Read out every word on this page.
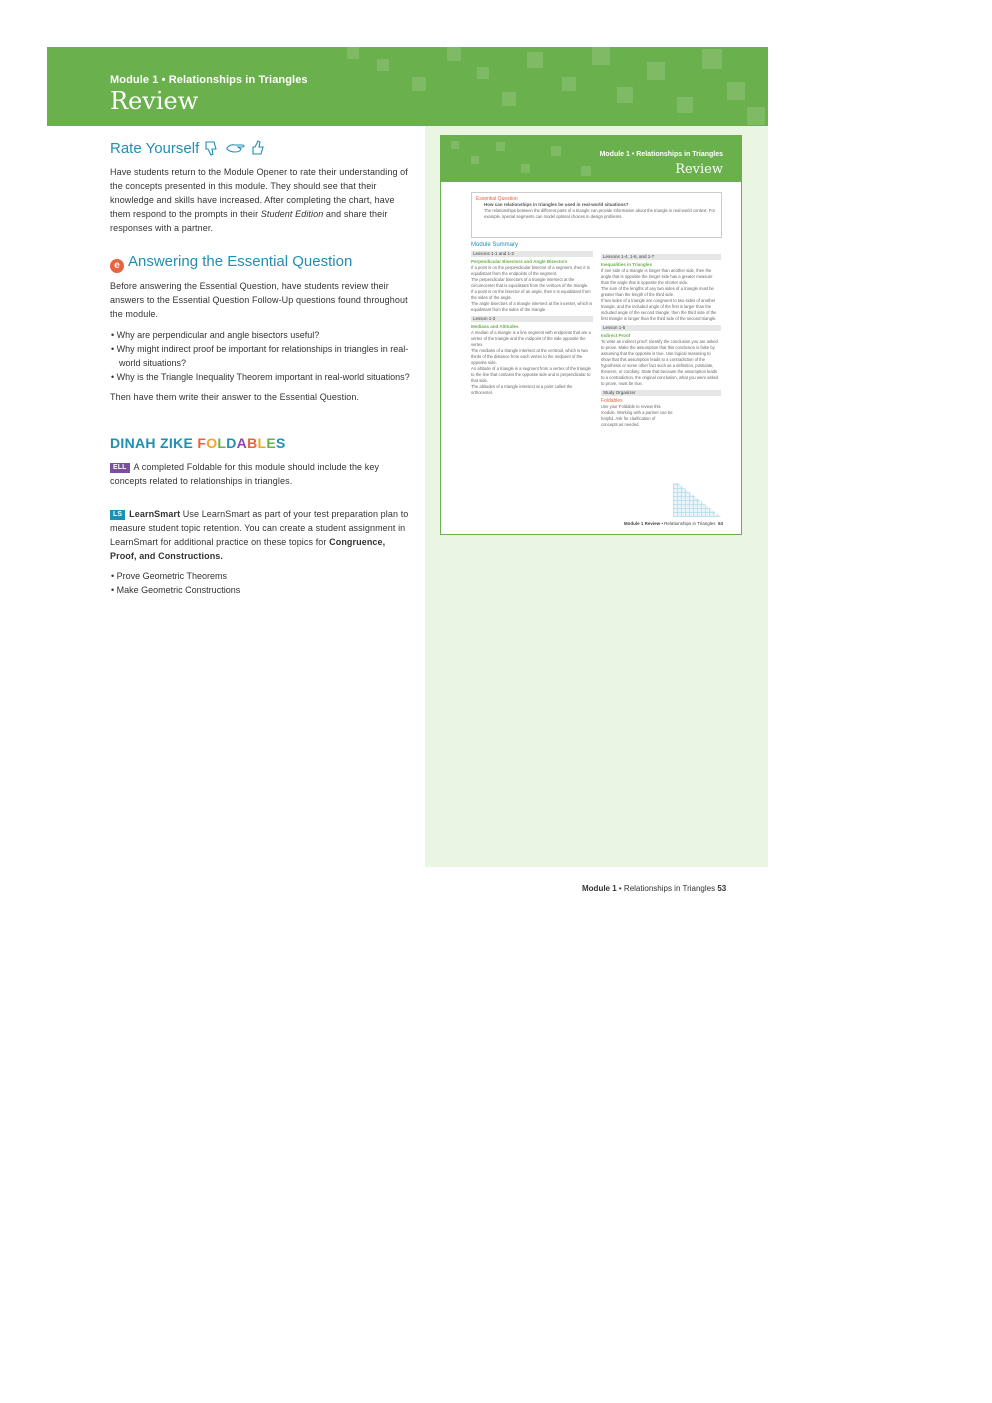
Module 1 • Relationships in Triangles
Review
Rate Yourself

Have students return to the Module Opener to rate their understanding of the concepts presented in this module. They should see that their knowledge and skills have increased. After completing the chart, have them respond to the prompts in their Student Edition and share their responses with a partner.

e Answering the Essential Question

Before answering the Essential Question, have students review their answers to the Essential Question Follow-Up questions found throughout the module.

• Why are perpendicular and angle bisectors useful?

• Why might indirect proof be important for relationships in triangles in real-world situations?

• Why is the Triangle Inequality Theorem important in real-world situations?

Then have them write their answer to the Essential Question.

DINAH ZIKE FOLDABLES

ELL A completed Foldable for this module should include the key concepts related to relationships in triangles.

LS LearnSmart Use LearnSmart as part of your test preparation plan to measure student topic retention. You can create a student assignment in LearnSmart for additional practice on these topics for Congruence, Proof, and Constructions.

• Prove Geometric Theorems

• Make Geometric Constructions

Module 1 • Relationships in Triangles
Review
Essential Question
How can relationships in triangles be used in real-world situations?
The relationships between the different parts of a triangle can provide information about the triangle in real-world context. For example, special segments can model optimal choices in design problems.
Module Summary
Lessons 1-1 and 1-2
Perpendicular Bisectors and Angle Bisectors
If a point is on the perpendicular bisector of a segment, then it is equidistant from the endpoints of the segment.
The perpendicular bisectors of a triangle intersect at the circumcenter that is equidistant from the vertices of the triangle.
If a point is on the bisector of an angle, then it is equidistant from the sides of the angle.
The angle bisectors of a triangle intersect at the incenter, which is equidistant from the sides of the triangle.
Lesson 1-3
Medians and Altitudes
A median of a triangle is a line segment with endpoints that are a vertex of the triangle and the midpoint of the side opposite the vertex.
The medians of a triangle intersect at the centroid, which is two thirds of the distance from each vertex to the midpoint of the opposite side.
An altitude of a triangle is a segment from a vertex of the triangle to the line that contains the opposite side and is perpendicular to that side.
The altitudes of a triangle intersect at a point called the orthocenter.
Lessons 1-4, 1-6, and 1-7
Inequalities in Triangles
If one side of a triangle is longer than another side, then the angle that is opposite the longer side has a greater measure than the angle that is opposite the shorter side.
The sum of the lengths of any two sides of a triangle must be greater than the length of the third side.
If two sides of a triangle are congruent to two sides of another triangle, and the included angle of the first is larger than the included angle of the second triangle, then the third side of the first triangle is longer than the third side of the second triangle.
Lesson 1-5
Indirect Proof
To write an indirect proof: Identify the conclusion you are asked to prove. Make the assumption that this conclusion is false by assuming that the opposite is true. Use logical reasoning to show that this assumption leads to a contradiction of the hypothesis or some other fact such as a definition, postulate, theorem, or corollary. State that because the assumption leads to a contradiction, the original conclusion, what you were asked to prove, must be true.
Study Organizer
Foldables
Use your Foldable to review this module. Working with a partner can be helpful. Ask for clarification of concepts as needed.
Module 1 Review • Relationships in Triangles 53
Module 1 • Relationships in Triangles 53
